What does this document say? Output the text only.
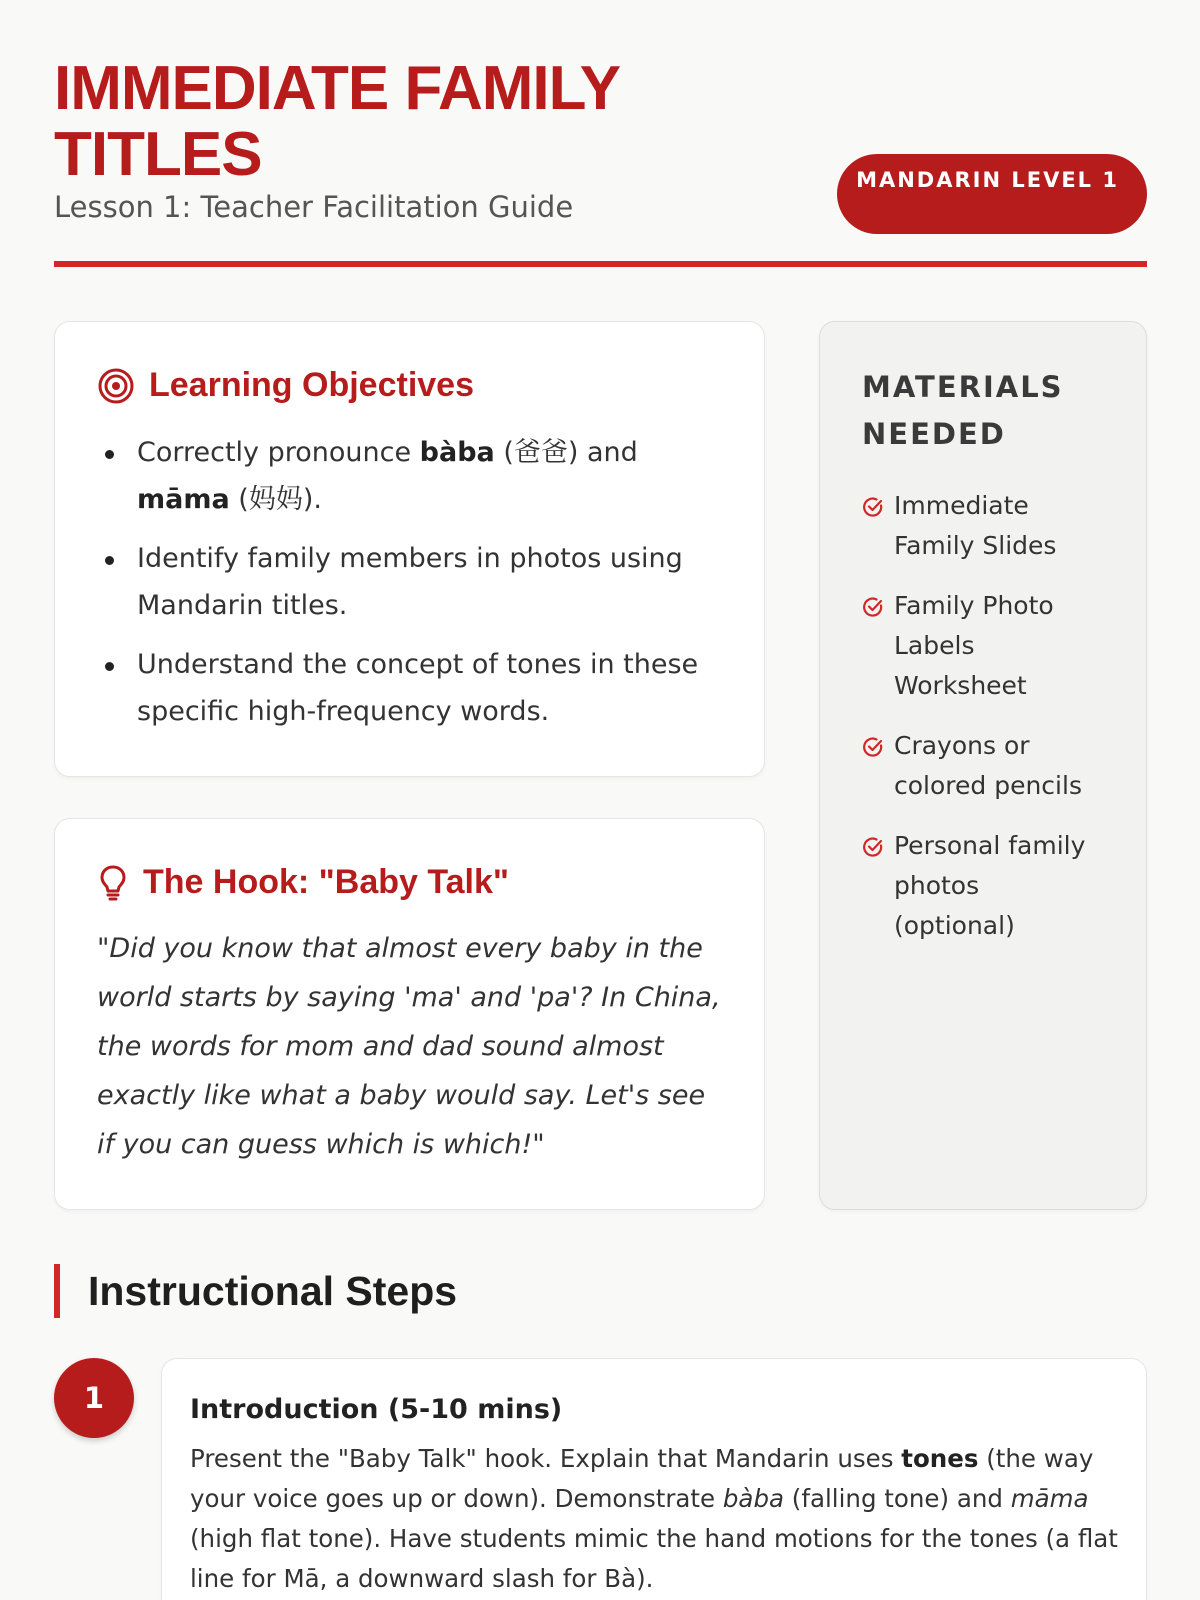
IMMEDIATE FAMILY TITLES
Lesson 1: Teacher Facilitation Guide
MANDARIN LEVEL 1
Learning Objectives
Correctly pronounce bàba (爸爸) and māma (妈妈).
Identify family members in photos using Mandarin titles.
Understand the concept of tones in these specific high-frequency words.
The Hook: "Baby Talk"

"Did you know that almost every baby in the world starts by saying 'ma' and 'pa'? In China, the words for mom and dad sound almost exactly like what a baby would say. Let's see if you can guess which is which!"

MATERIALS NEEDED
Immediate Family Slides
Family Photo Labels Worksheet
Crayons or colored pencils
Personal family photos (optional)
Instructional Steps
1	Introduction (5-10 mins)

Present the "Baby Talk" hook. Explain that Mandarin uses tones (the way your voice goes up or down). Demonstrate bàba (falling tone) and māma (high flat tone). Have students mimic the hand motions for the tones (a flat line for Mā, a downward slash for Bà).
